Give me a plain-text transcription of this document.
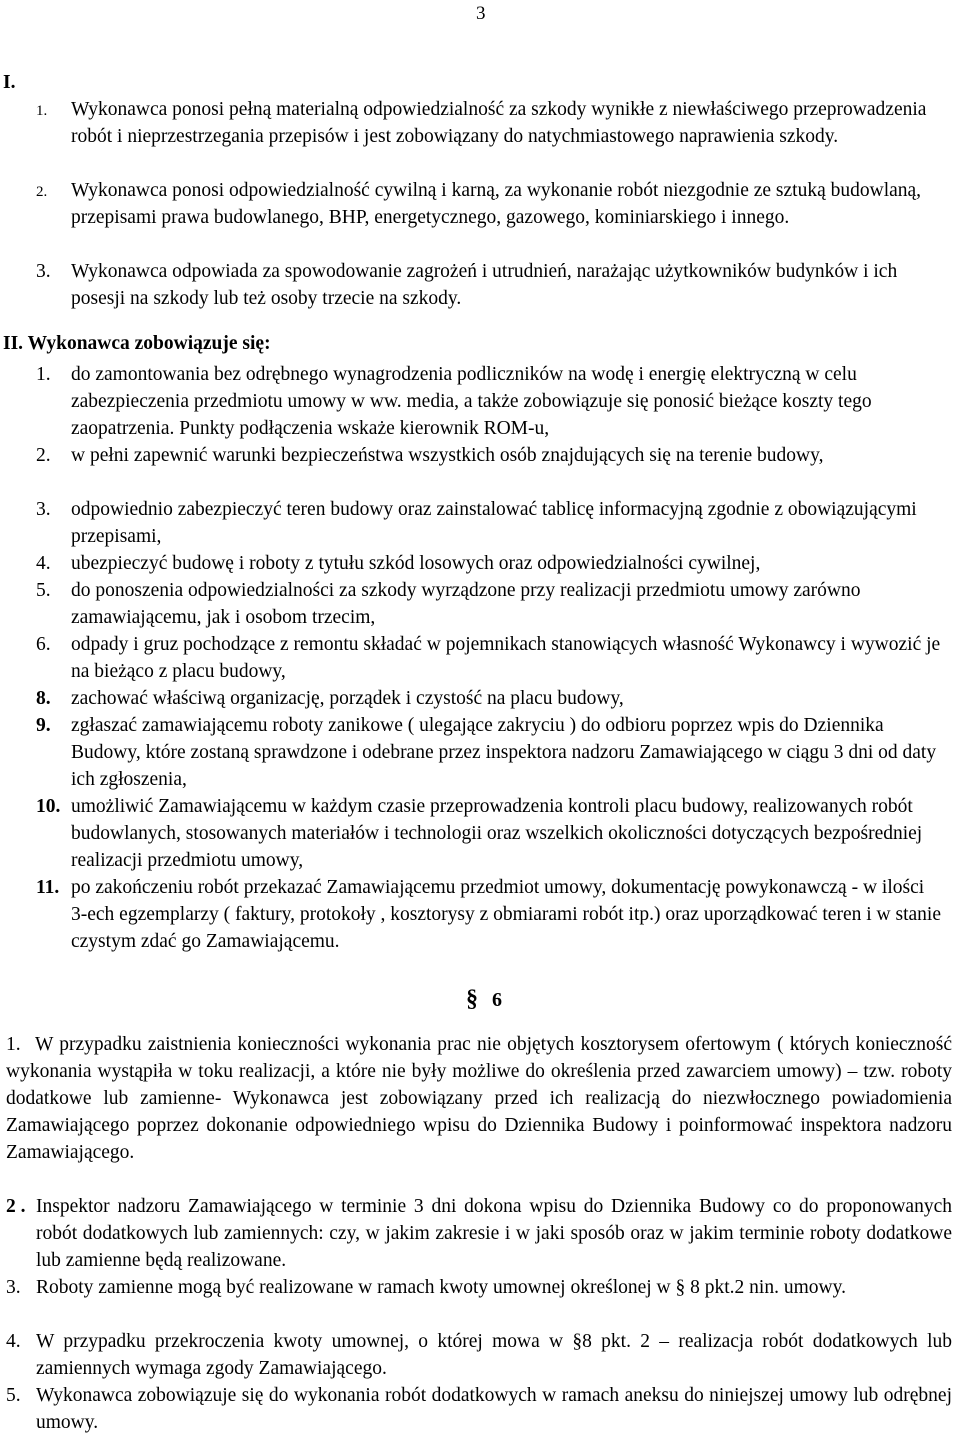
3
I.
1. Wykonawca ponosi pełną materialną odpowiedzialność za szkody wynikłe z niewłaściwego przeprowadzenia robót i nieprzestrzegania przepisów i jest zobowiązany do natychmiastowego naprawienia szkody.
2. Wykonawca ponosi odpowiedzialność cywilną i karną, za wykonanie robót niezgodnie ze sztuką budowlaną, przepisami prawa budowlanego, BHP, energetycznego, gazowego, kominiarskiego i innego.
3. Wykonawca odpowiada za spowodowanie zagrożeń i utrudnień, narażając użytkowników budynków i ich posesji na szkody lub też osoby trzecie na szkody.
II. Wykonawca zobowiązuje się:
1. do zamontowania bez odrębnego wynagrodzenia podliczników na wodę i energię elektryczną w celu zabezpieczenia przedmiotu umowy w ww. media, a także zobowiązuje się ponosić bieżące koszty tego zaopatrzenia. Punkty podłączenia wskaże kierownik ROM-u,
2. w pełni zapewnić warunki bezpieczeństwa wszystkich osób znajdujących się na terenie budowy,
3. odpowiednio zabezpieczyć teren budowy oraz zainstalować tablicę informacyjną zgodnie z obowiązującymi przepisami,
4. ubezpieczyć budowę i roboty z tytułu szkód losowych oraz odpowiedzialności cywilnej,
5. do ponoszenia odpowiedzialności za szkody wyrządzone przy realizacji przedmiotu umowy zarówno zamawiającemu, jak i osobom trzecim,
6. odpady i gruz pochodzące z remontu składać w pojemnikach stanowiących własność Wykonawcy i wywozić je na bieżąco z placu budowy,
8. zachować właściwą organizację, porządek i czystość na placu budowy,
9. zgłaszać zamawiającemu roboty zanikowe ( ulegające zakryciu ) do odbioru poprzez wpis do Dziennika Budowy, które zostaną sprawdzone i odebrane przez inspektora nadzoru Zamawiającego w ciągu 3 dni od daty ich zgłoszenia,
10. umożliwić Zamawiającemu w każdym czasie przeprowadzenia kontroli placu budowy, realizowanych robót budowlanych, stosowanych materiałów i technologii oraz wszelkich okoliczności dotyczących bezpośredniej realizacji przedmiotu umowy,
11. po zakończeniu robót przekazać Zamawiającemu przedmiot umowy, dokumentację powykonawczą - w ilości 3-ech egzemplarzy ( faktury, protokoły , kosztorysy z obmiarami robót itp.) oraz uporządkować teren i w stanie czystym zdać go Zamawiającemu.
§ 6
1. W przypadku zaistnienia konieczności wykonania prac nie objętych kosztorysem ofertowym ( których konieczność wykonania wystąpiła w toku realizacji, a które nie były możliwe do określenia przed zawarciem umowy) – tzw. roboty dodatkowe lub zamienne- Wykonawca jest zobowiązany przed ich realizacją do niezwłocznego powiadomienia Zamawiającego poprzez dokonanie odpowiedniego wpisu do Dziennika Budowy i poinformować inspektora nadzoru Zamawiającego.
2 . Inspektor nadzoru Zamawiającego w terminie 3 dni dokona wpisu do Dziennika Budowy co do proponowanych robót dodatkowych lub zamiennych: czy, w jakim zakresie i w jaki sposób oraz w jakim terminie roboty dodatkowe lub zamienne będą realizowane.
3. Roboty zamienne mogą być realizowane w ramach kwoty umownej określonej w § 8 pkt.2 nin. umowy.
4. W przypadku przekroczenia kwoty umownej, o której mowa w §8 pkt. 2 – realizacja robót dodatkowych lub zamiennych wymaga zgody Zamawiającego.
5. Wykonawca zobowiązuje się do wykonania robót dodatkowych w ramach aneksu do niniejszej umowy lub odrębnej umowy.
